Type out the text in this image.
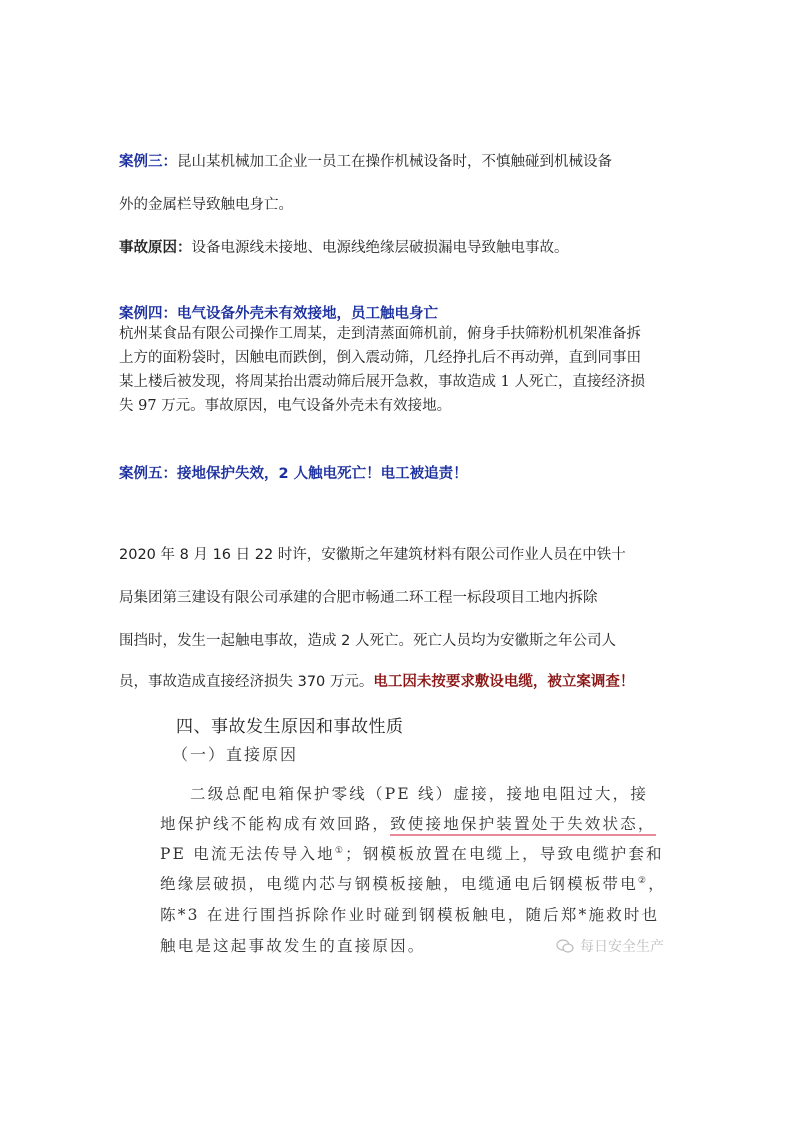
案例三：昆山某机械加工企业一员工在操作机械设备时，不慎触碰到机械设备
外的金属栏导致触电身亡。
事故原因：设备电源线未接地、电源线绝缘层破损漏电导致触电事故。
案例四：电气设备外壳未有效接地，员工触电身亡
杭州某食品有限公司操作工周某，走到清蒸面筛机前，俯身手扶筛粉机机架准备拆
上方的面粉袋时，因触电而跌倒，倒入震动筛，几经挣扎后不再动弹，直到同事田
某上楼后被发现，将周某抬出震动筛后展开急救，事故造成 1 人死亡，直接经济损
失 97 万元。事故原因，电气设备外壳未有效接地。
案例五：接地保护失效，2 人触电死亡！电工被追责！
2020 年 8 月 16 日 22 时许，安徽斯之年建筑材料有限公司作业人员在中铁十
局集团第三建设有限公司承建的合肥市畅通二环工程一标段项目工地内拆除
围挡时，发生一起触电事故，造成 2 人死亡。死亡人员均为安徽斯之年公司人
员，事故造成直接经济损失 370 万元。电工因未按要求敷设电缆，被立案调查！
四、事故发生原因和事故性质
（一）直接原因
二级总配电箱保护零线（PE 线）虚接，接地电阻过大，接
地保护线不能构成有效回路，致使接地保护装置处于失效状态，
PE 电流无法传导入地①；钢模板放置在电缆上，导致电缆护套和
绝缘层破损，电缆内芯与钢模板接触，电缆通电后钢模板带电②，
陈*3 在进行围挡拆除作业时碰到钢模板触电，随后郑*施救时也
触电是这起事故发生的直接原因。	每日安全生产
